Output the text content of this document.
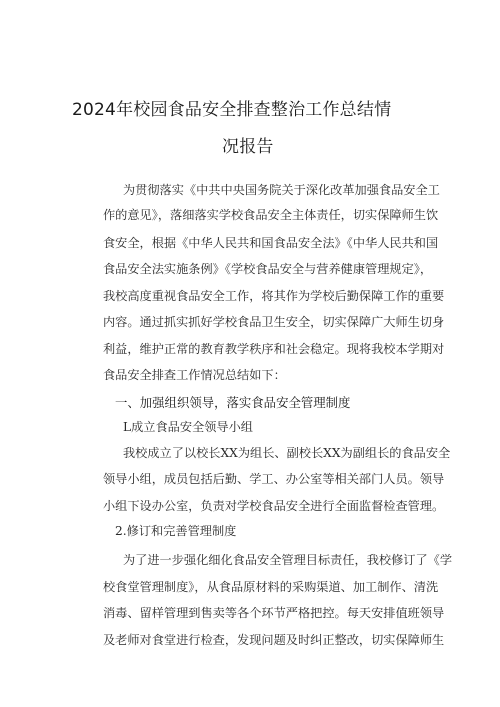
2024年校园食品安全排查整治工作总结情
况报告
为贯彻落实《中共中央国务院关于深化改革加强食品安全工
作的意见》，落细落实学校食品安全主体责任，切实保障师生饮
食安全，根据《中华人民共和国食品安全法》《中华人民共和国
食品安全法实施条例》《学校食品安全与营养健康管理规定》，
我校高度重视食品安全工作，将其作为学校后勤保障工作的重要
内容。通过抓实抓好学校食品卫生安全，切实保障广大师生切身
利益，维护正常的教育教学秩序和社会稳定。现将我校本学期对
食品安全排查工作情况总结如下：
一、加强组织领导，落实食品安全管理制度
L成立食品安全领导小组
我校成立了以校长XX为组长、副校长XX为副组长的食品安全
领导小组，成员包括后勤、学工、办公室等相关部门人员。领导
小组下设办公室，负责对学校食品安全进行全面监督检查管理。
2.修订和完善管理制度
为了进一步强化细化食品安全管理目标责任，我校修订了《学
校食堂管理制度》，从食品原材料的采购渠道、加工制作、清洗
消毒、留样管理到售卖等各个环节严格把控。每天安排值班领导
及老师对食堂进行检查，发现问题及时纠正整改，切实保障师生
